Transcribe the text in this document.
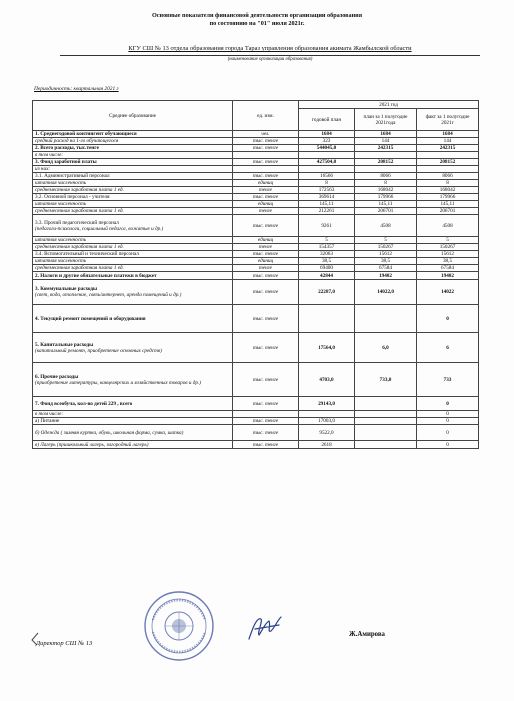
Основные показатели финансовой деятельности организации образования
по состоянию на "01" июля 2021г.
КГУ СШ № 13 отдела образования города Тараз управления образования акимата Жамбылской области
(наименование организации образования)
Периодичность: квартальная 2021 г
Среднее образование	ед. изм.	2021 год		
		годовой план	план за 1 полугодие 2021года	факт за 1 полугодие 2021г

1. Среднегодовой контингент обучающиеся	чел.	1684	1684	1684

средний расход на 1-го обучающегося	тыс. тенге	323	144	144

2. Всего расходы, тыс.тенге	тыс. тенге	544045,0	242315	242315

в том числе:				

3. Фонд заработной платы	тыс. тенге	427504,0	208152	208152

из них:				

3.1. Административный персонал	тыс. тенге	16566	8066	8066

штатная численность	единиц	8	8	8

среднемесячная заработная плата 1 ед.	тенге	172563	168042	168042

3.2. Основной персонал - учителя	тыс. тенге	369614	179966	179966

штатная численность	единиц	145,11	145,11	145,11

среднемесячная заработная плата 1 ед.	тенге	212261	206701	206701

3.3. Прочий педагогический персонал
(педагоги-психологи, социальный педагог, вожатые и др.)	тыс. тенге	9261	4508	4508

штатная численность	единиц	5	5	5

среднемесячная заработная плата 1 ед.	тенге	154357	150267	150267

3.4. Вспомогательный и технический персонал	тыс. тенге	32063	15612	15612

штатная численность	единиц	38,5	38,5	38,5

среднемесячная заработная плата 1 ед.	тенге	69400	67584	67584

2. Налоги и другие обязательные платежи в бюджет	тыс. тенге	42844	19402	19402

3. Коммунальные расходы
(свет, вода, отопление, связь/интернет, аренда помещений и др.)	тыс. тенге	22287,0	14022,0	14022

4. Текущий ремонт помещений и оборудования	тыс. тенге			0

5. Капитальные расходы
(капитальный ремонт, приобретение основных средств)	тыс. тенге	17564,0	6,0	6

6. Прочие расходы
(приобретение литературы, канцелярских и хозяйственных товаров и др.)	тыс. тенге	4703,0	733,0	733

7. Фонд всеобуча, кол-во детей 229 , всего	тыс. тенге	29143,0		0

в том числе:				0

а) Питание	тыс. тенге	17003,0		0

б) Одежда ( зимняя куртка, обувь, школьная форма, сумка, шапка)	тыс. тенге	9522,0		0

в) Лагерь (пришкольный лагерь, загородний лагерь)	тыс. тенге	2618		0
Директор СШ № 13
Ж.Амирова
